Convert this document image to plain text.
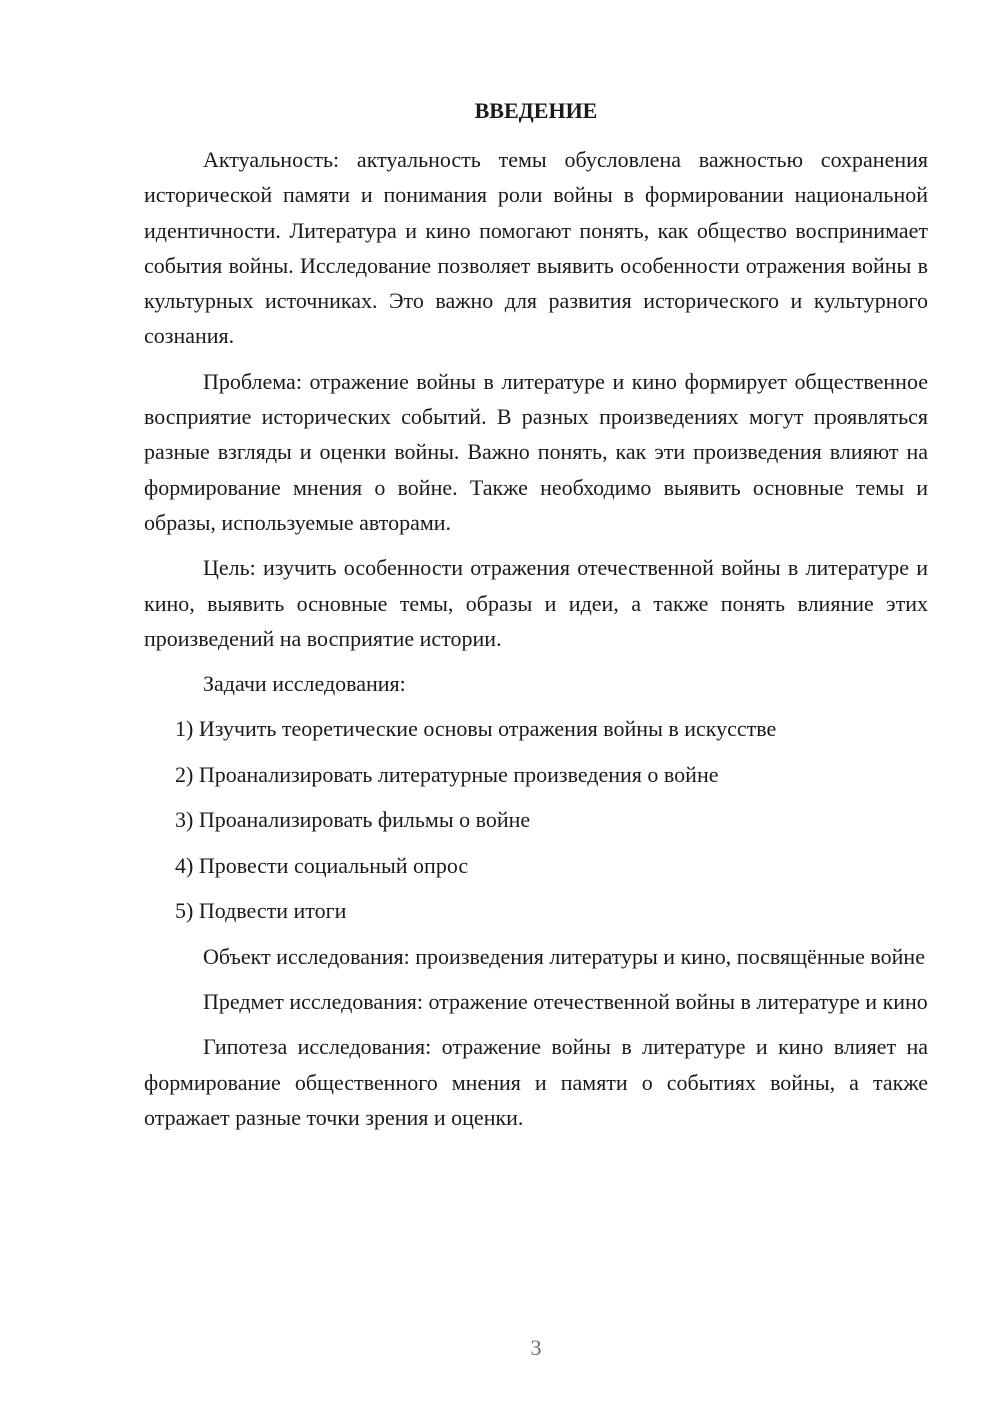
ВВЕДЕНИЕ

Актуальность: актуальность темы обусловлена важностью сохранения исторической памяти и понимания роли войны в формировании национальной идентичности. Литература и кино помогают понять, как общество воспринимает события войны. Исследование позволяет выявить особенности отражения войны в культурных источниках. Это важно для развития исторического и культурного сознания.

Проблема: отражение войны в литературе и кино формирует общественное восприятие исторических событий. В разных произведениях могут проявляться разные взгляды и оценки войны. Важно понять, как эти произведения влияют на формирование мнения о войне. Также необходимо выявить основные темы и образы, используемые авторами.

Цель: изучить особенности отражения отечественной войны в литературе и кино, выявить основные темы, образы и идеи, а также понять влияние этих произведений на восприятие истории.

Задачи исследования:

1) Изучить теоретические основы отражения войны в искусстве
2) Проанализировать литературные произведения о войне
3) Проанализировать фильмы о войне
4) Провести социальный опрос
5) Подвести итоги

Объект исследования: произведения литературы и кино, посвящённые войне

Предмет исследования: отражение отечественной войны в литературе и кино

Гипотеза исследования: отражение войны в литературе и кино влияет на формирование общественного мнения и памяти о событиях войны, а также отражает разные точки зрения и оценки.

3
